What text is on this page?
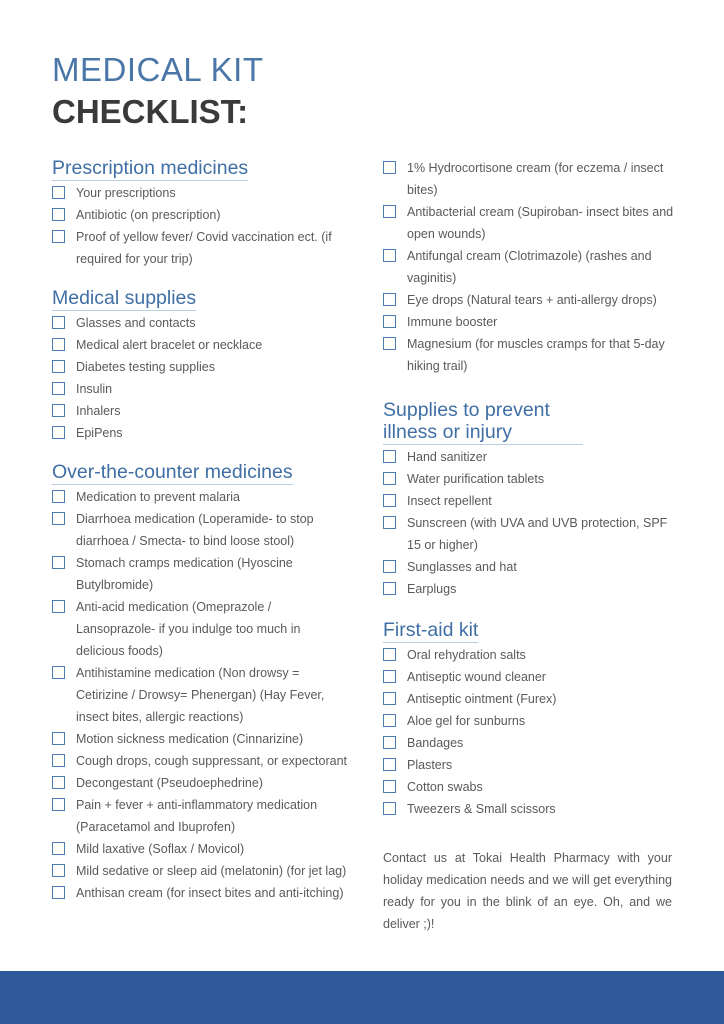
MEDICAL KIT
CHECKLIST:
Prescription medicines
Your prescriptions
Antibiotic (on prescription)
Proof of yellow fever/ Covid vaccination ect. (if required for your trip)
Medical supplies
Glasses and contacts
Medical alert bracelet or necklace
Diabetes testing supplies
Insulin
Inhalers
EpiPens
Over-the-counter medicines
Medication to prevent malaria
Diarrhoea medication (Loperamide- to stop diarrhoea / Smecta- to bind loose stool)
Stomach cramps medication (Hyoscine Butylbromide)
Anti-acid medication (Omeprazole / Lansoprazole- if you indulge too much in delicious foods)
Antihistamine medication (Non drowsy = Cetirizine / Drowsy= Phenergan) (Hay Fever, insect bites, allergic reactions)
Motion sickness medication (Cinnarizine)
Cough drops, cough suppressant, or expectorant
Decongestant (Pseudoephedrine)
Pain + fever + anti-inflammatory medication (Paracetamol and Ibuprofen)
Mild laxative (Soflax / Movicol)
Mild sedative or sleep aid (melatonin) (for jet lag)
Anthisan cream (for insect bites and anti-itching)
1% Hydrocortisone cream (for eczema / insect bites)
Antibacterial cream (Supiroban- insect bites and open wounds)
Antifungal cream (Clotrimazole) (rashes and vaginitis)
Eye drops (Natural tears + anti-allergy drops)
Immune booster
Magnesium (for muscles cramps for that 5-day hiking trail)
Supplies to prevent illness or injury
Hand sanitizer
Water purification tablets
Insect repellent
Sunscreen (with UVA and UVB protection, SPF 15 or higher)
Sunglasses and hat
Earplugs
First-aid kit
Oral rehydration salts
Antiseptic wound cleaner
Antiseptic ointment (Furex)
Aloe gel for sunburns
Bandages
Plasters
Cotton swabs
Tweezers & Small scissors
Contact us at Tokai Health Pharmacy with your holiday medication needs and we will get everything ready for you in the blink of an eye. Oh, and we deliver ;)!
